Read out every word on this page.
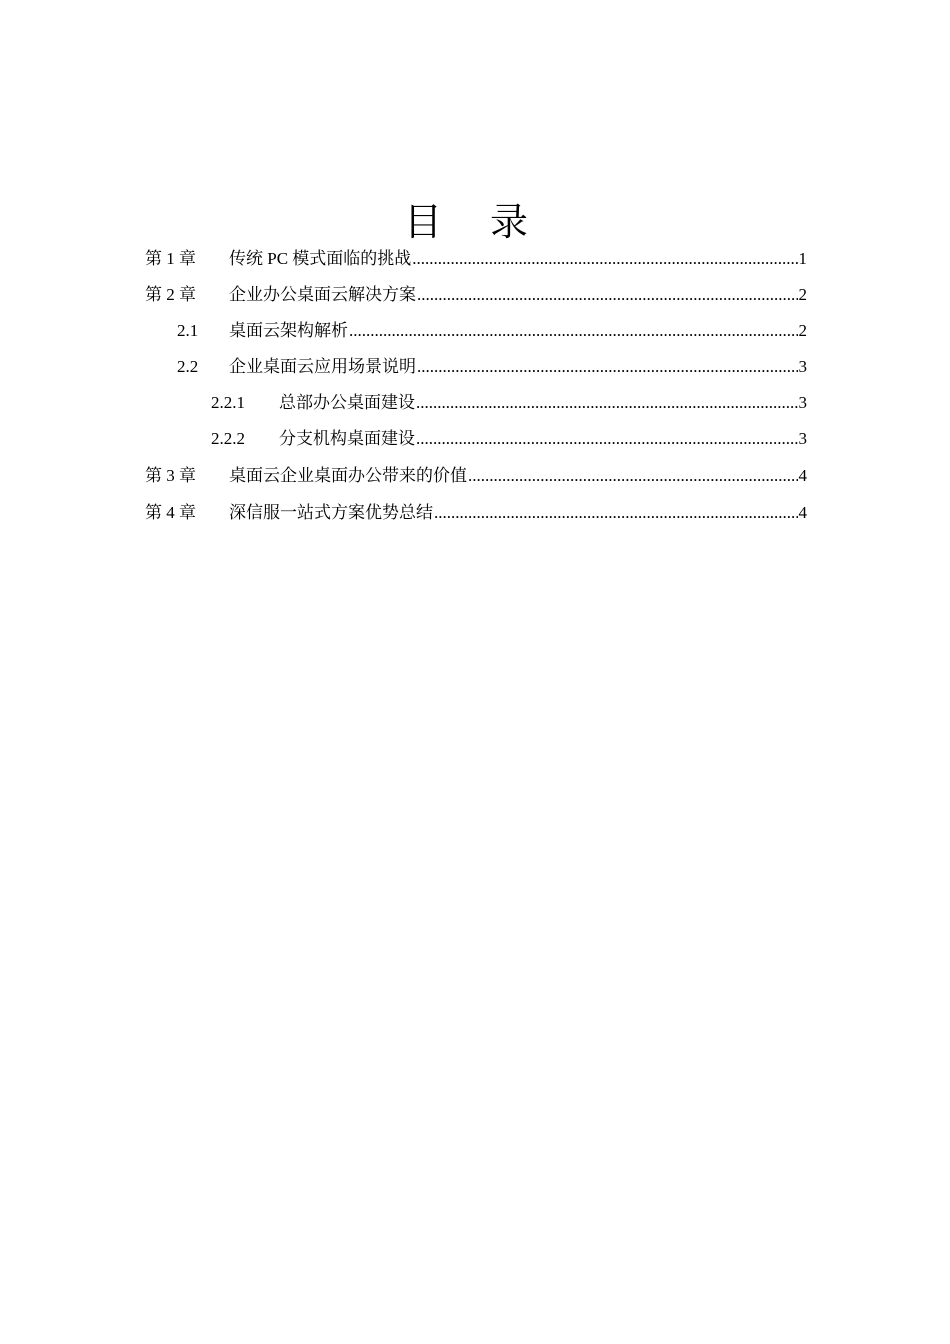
目 录
第 1 章	传统 PC 模式面临的挑战 .....	1
第 2 章	企业办公桌面云解决方案 .....	2
2.1	桌面云架构解析 .....	2
2.2	企业桌面云应用场景说明 .....	3
2.2.1	总部办公桌面建设 .....	3
2.2.2	分支机构桌面建设 .....	3
第 3 章	桌面云企业桌面办公带来的价值 .....	4
第 4 章	深信服一站式方案优势总结 .....	4
